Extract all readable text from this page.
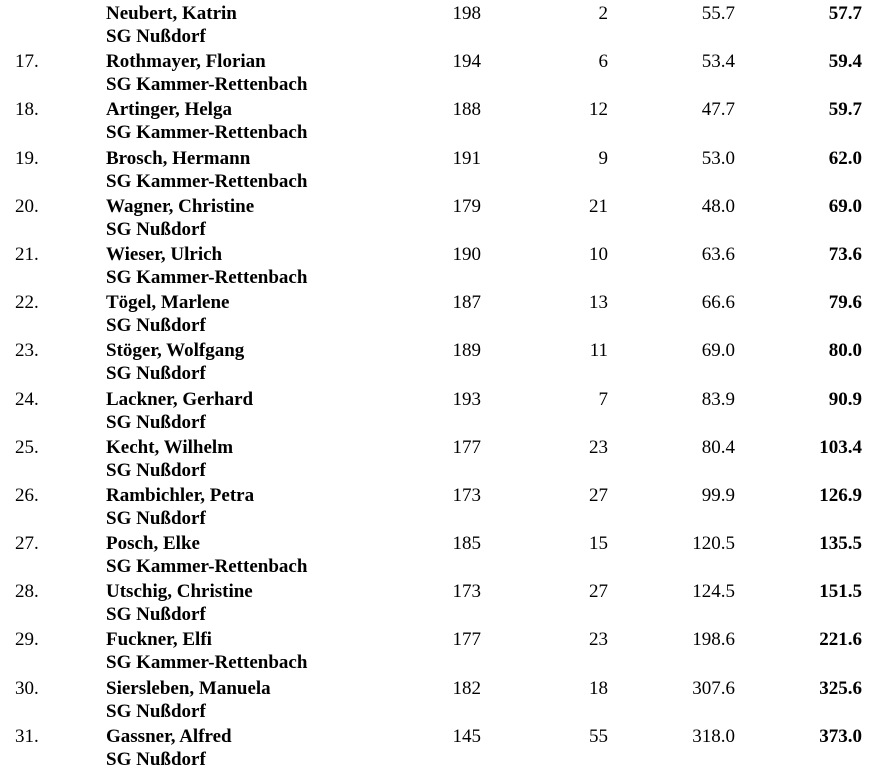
Neubert, Katrin
SG Nußdorf
198	2	55.7	57.7
17.	Rothmayer, Florian
SG Kammer-Rettenbach
194	6	53.4	59.4
18.	Artinger, Helga
SG Kammer-Rettenbach
188	12	47.7	59.7
19.	Brosch, Hermann
SG Kammer-Rettenbach
191	9	53.0	62.0
20.	Wagner, Christine
SG Nußdorf
179	21	48.0	69.0
21.	Wieser, Ulrich
SG Kammer-Rettenbach
190	10	63.6	73.6
22.	Tögel, Marlene
SG Nußdorf
187	13	66.6	79.6
23.	Stöger, Wolfgang
SG Nußdorf
189	11	69.0	80.0
24.	Lackner, Gerhard
SG Nußdorf
193	7	83.9	90.9
25.	Kecht, Wilhelm
SG Nußdorf
177	23	80.4	103.4
26.	Rambichler, Petra
SG Nußdorf
173	27	99.9	126.9
27.	Posch, Elke
SG Kammer-Rettenbach
185	15	120.5	135.5
28.	Utschig, Christine
SG Nußdorf
173	27	124.5	151.5
29.	Fuckner, Elfi
SG Kammer-Rettenbach
177	23	198.6	221.6
30.	Siersleben, Manuela
SG Nußdorf
182	18	307.6	325.6
31.	Gassner, Alfred
SG Nußdorf
145	55	318.0	373.0
